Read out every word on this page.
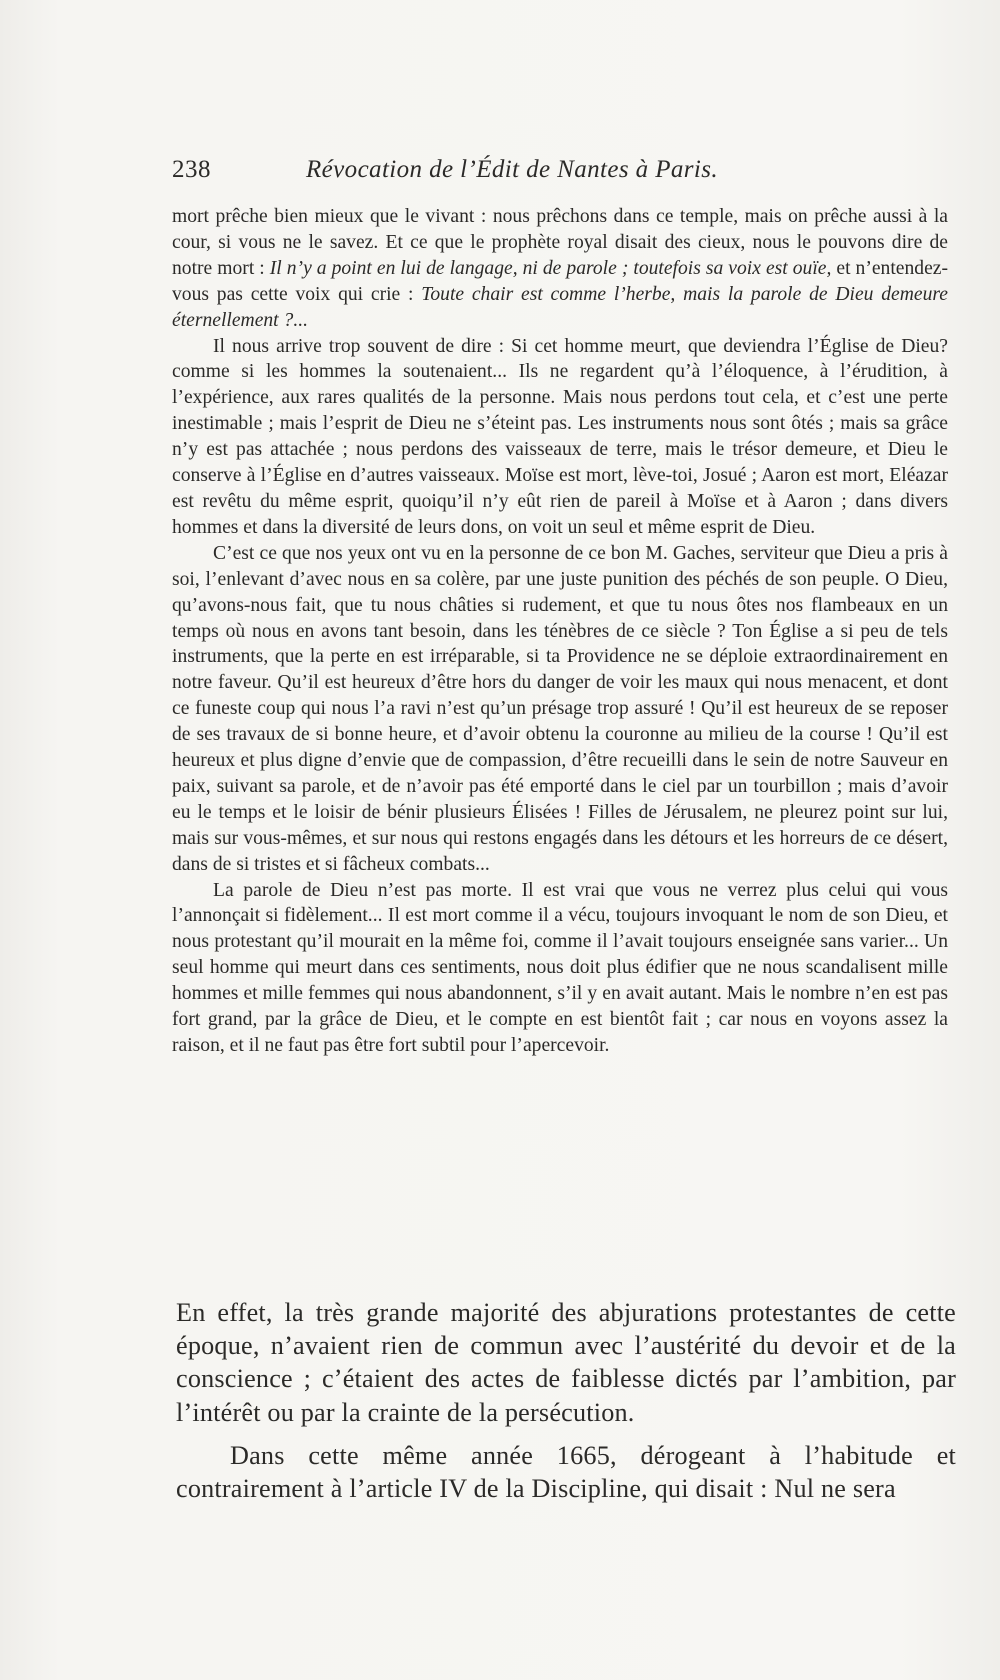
238	Révocation de l’Édit de Nantes à Paris.

mort prêche bien mieux que le vivant : nous prêchons dans ce temple, mais on prêche aussi à la cour, si vous ne le savez. Et ce que le prophète royal disait des cieux, nous le pouvons dire de notre mort : Il n’y a point en lui de langage, ni de parole ; toutefois sa voix est ouïe, et n’entendez-vous pas cette voix qui crie : Toute chair est comme l’herbe, mais la parole de Dieu demeure éternellement ?...

Il nous arrive trop souvent de dire : Si cet homme meurt, que deviendra l’Église de Dieu? comme si les hommes la soutenaient... Ils ne regardent qu’à l’éloquence, à l’érudition, à l’expérience, aux rares qualités de la personne. Mais nous perdons tout cela, et c’est une perte inestimable ; mais l’esprit de Dieu ne s’éteint pas. Les instruments nous sont ôtés ; mais sa grâce n’y est pas attachée ; nous perdons des vaisseaux de terre, mais le trésor demeure, et Dieu le conserve à l’Église en d’autres vaisseaux. Moïse est mort, lève-toi, Josué ; Aaron est mort, Eléazar est revêtu du même esprit, quoiqu’il n’y eût rien de pareil à Moïse et à Aaron ; dans divers hommes et dans la diversité de leurs dons, on voit un seul et même esprit de Dieu.

C’est ce que nos yeux ont vu en la personne de ce bon M. Gaches, serviteur que Dieu a pris à soi, l’enlevant d’avec nous en sa colère, par une juste punition des péchés de son peuple. O Dieu, qu’avons-nous fait, que tu nous châties si rudement, et que tu nous ôtes nos flambeaux en un temps où nous en avons tant besoin, dans les ténèbres de ce siècle ? Ton Église a si peu de tels instruments, que la perte en est irréparable, si ta Providence ne se déploie extraordinairement en notre faveur. Qu’il est heureux d’être hors du danger de voir les maux qui nous menacent, et dont ce funeste coup qui nous l’a ravi n’est qu’un présage trop assuré ! Qu’il est heureux de se reposer de ses travaux de si bonne heure, et d’avoir obtenu la couronne au milieu de la course ! Qu’il est heureux et plus digne d’envie que de compassion, d’être recueilli dans le sein de notre Sauveur en paix, suivant sa parole, et de n’avoir pas été emporté dans le ciel par un tourbillon ; mais d’avoir eu le temps et le loisir de bénir plusieurs Élisées ! Filles de Jérusalem, ne pleurez point sur lui, mais sur vous-mêmes, et sur nous qui restons engagés dans les détours et les horreurs de ce désert, dans de si tristes et si fâcheux combats...

La parole de Dieu n’est pas morte. Il est vrai que vous ne verrez plus celui qui vous l’annonçait si fidèlement... Il est mort comme il a vécu, toujours invoquant le nom de son Dieu, et nous protestant qu’il mourait en la même foi, comme il l’avait toujours enseignée sans varier... Un seul homme qui meurt dans ces sentiments, nous doit plus édifier que ne nous scandalisent mille hommes et mille femmes qui nous abandonnent, s’il y en avait autant. Mais le nombre n’en est pas fort grand, par la grâce de Dieu, et le compte en est bientôt fait ; car nous en voyons assez la raison, et il ne faut pas être fort subtil pour l’apercevoir.

En effet, la très grande majorité des abjurations protestantes de cette époque, n’avaient rien de commun avec l’austérité du devoir et de la conscience ; c’étaient des actes de faiblesse dictés par l’ambition, par l’intérêt ou par la crainte de la persécution.

Dans cette même année 1665, dérogeant à l’habitude et contrairement à l’article IV de la Discipline, qui disait : Nul ne sera
